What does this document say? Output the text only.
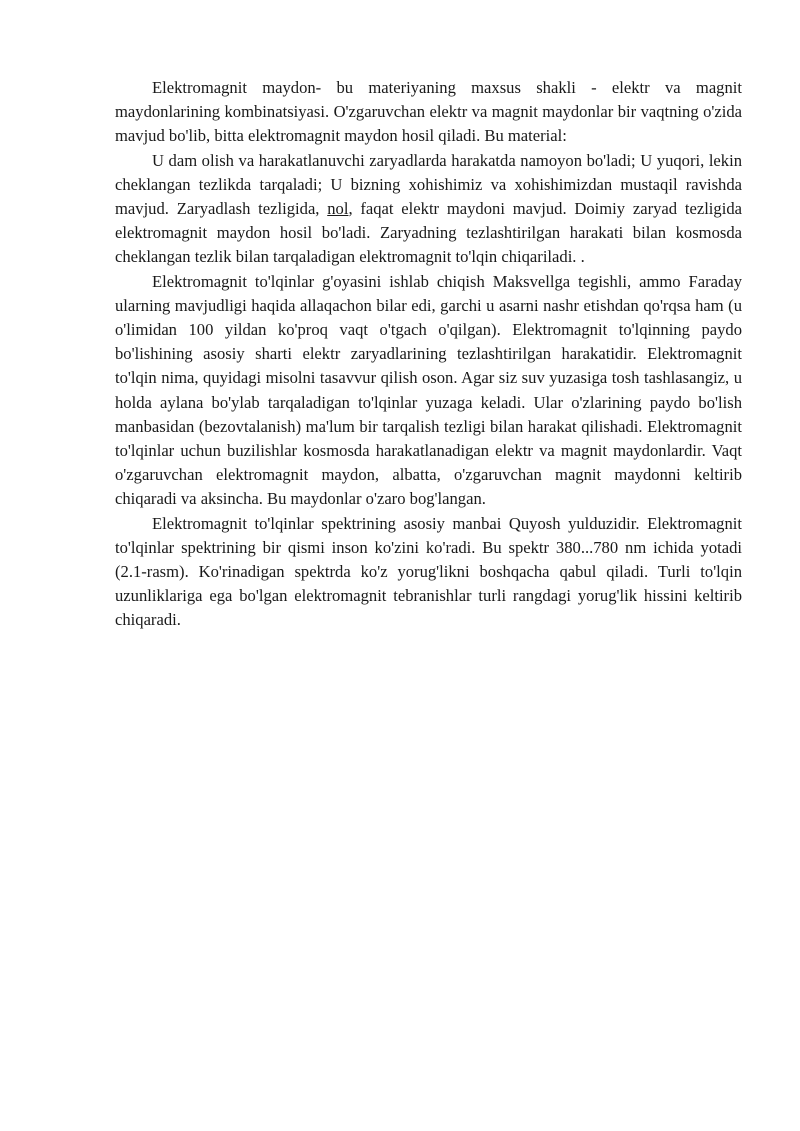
Elektromagnit maydon- bu materiyaning maxsus shakli - elektr va magnit maydonlarining kombinatsiyasi. O'zgaruvchan elektr va magnit maydonlar bir vaqtning o'zida mavjud bo'lib, bitta elektromagnit maydon hosil qiladi. Bu material:

U dam olish va harakatlanuvchi zaryadlarda harakatda namoyon bo'ladi; U yuqori, lekin cheklangan tezlikda tarqaladi; U bizning xohishimiz va xohishimizdan mustaqil ravishda mavjud. Zaryadlash tezligida, nol, faqat elektr maydoni mavjud. Doimiy zaryad tezligida elektromagnit maydon hosil bo'ladi. Zaryadning tezlashtirilgan harakati bilan kosmosda cheklangan tezlik bilan tarqaladigan elektromagnit to'lqin chiqariladi. .

Elektromagnit to'lqinlar g'oyasini ishlab chiqish Maksvellga tegishli, ammo Faraday ularning mavjudligi haqida allaqachon bilar edi, garchi u asarni nashr etishdan qo'rqsa ham (u o'limidan 100 yildan ko'proq vaqt o'tgach o'qilgan). Elektromagnit to'lqinning paydo bo'lishining asosiy sharti elektr zaryadlarining tezlashtirilgan harakatidir. Elektromagnit to'lqin nima, quyidagi misolni tasavvur qilish oson. Agar siz suv yuzasiga tosh tashlasangiz, u holda aylana bo'ylab tarqaladigan to'lqinlar yuzaga keladi. Ular o'zlarining paydo bo'lish manbasidan (bezovtalanish) ma'lum bir tarqalish tezligi bilan harakat qilishadi. Elektromagnit to'lqinlar uchun buzilishlar kosmosda harakatlanadigan elektr va magnit maydonlardir. Vaqt o'zgaruvchan elektromagnit maydon, albatta, o'zgaruvchan magnit maydonni keltirib chiqaradi va aksincha. Bu maydonlar o'zaro bog'langan.

Elektromagnit to'lqinlar spektrining asosiy manbai Quyosh yulduzidir. Elektromagnit to'lqinlar spektrining bir qismi inson ko'zini ko'radi. Bu spektr 380...780 nm ichida yotadi (2.1-rasm). Ko'rinadigan spektrda ko'z yorug'likni boshqacha qabul qiladi. Turli to'lqin uzunliklariga ega bo'lgan elektromagnit tebranishlar turli rangdagi yorug'lik hissini keltirib chiqaradi.
